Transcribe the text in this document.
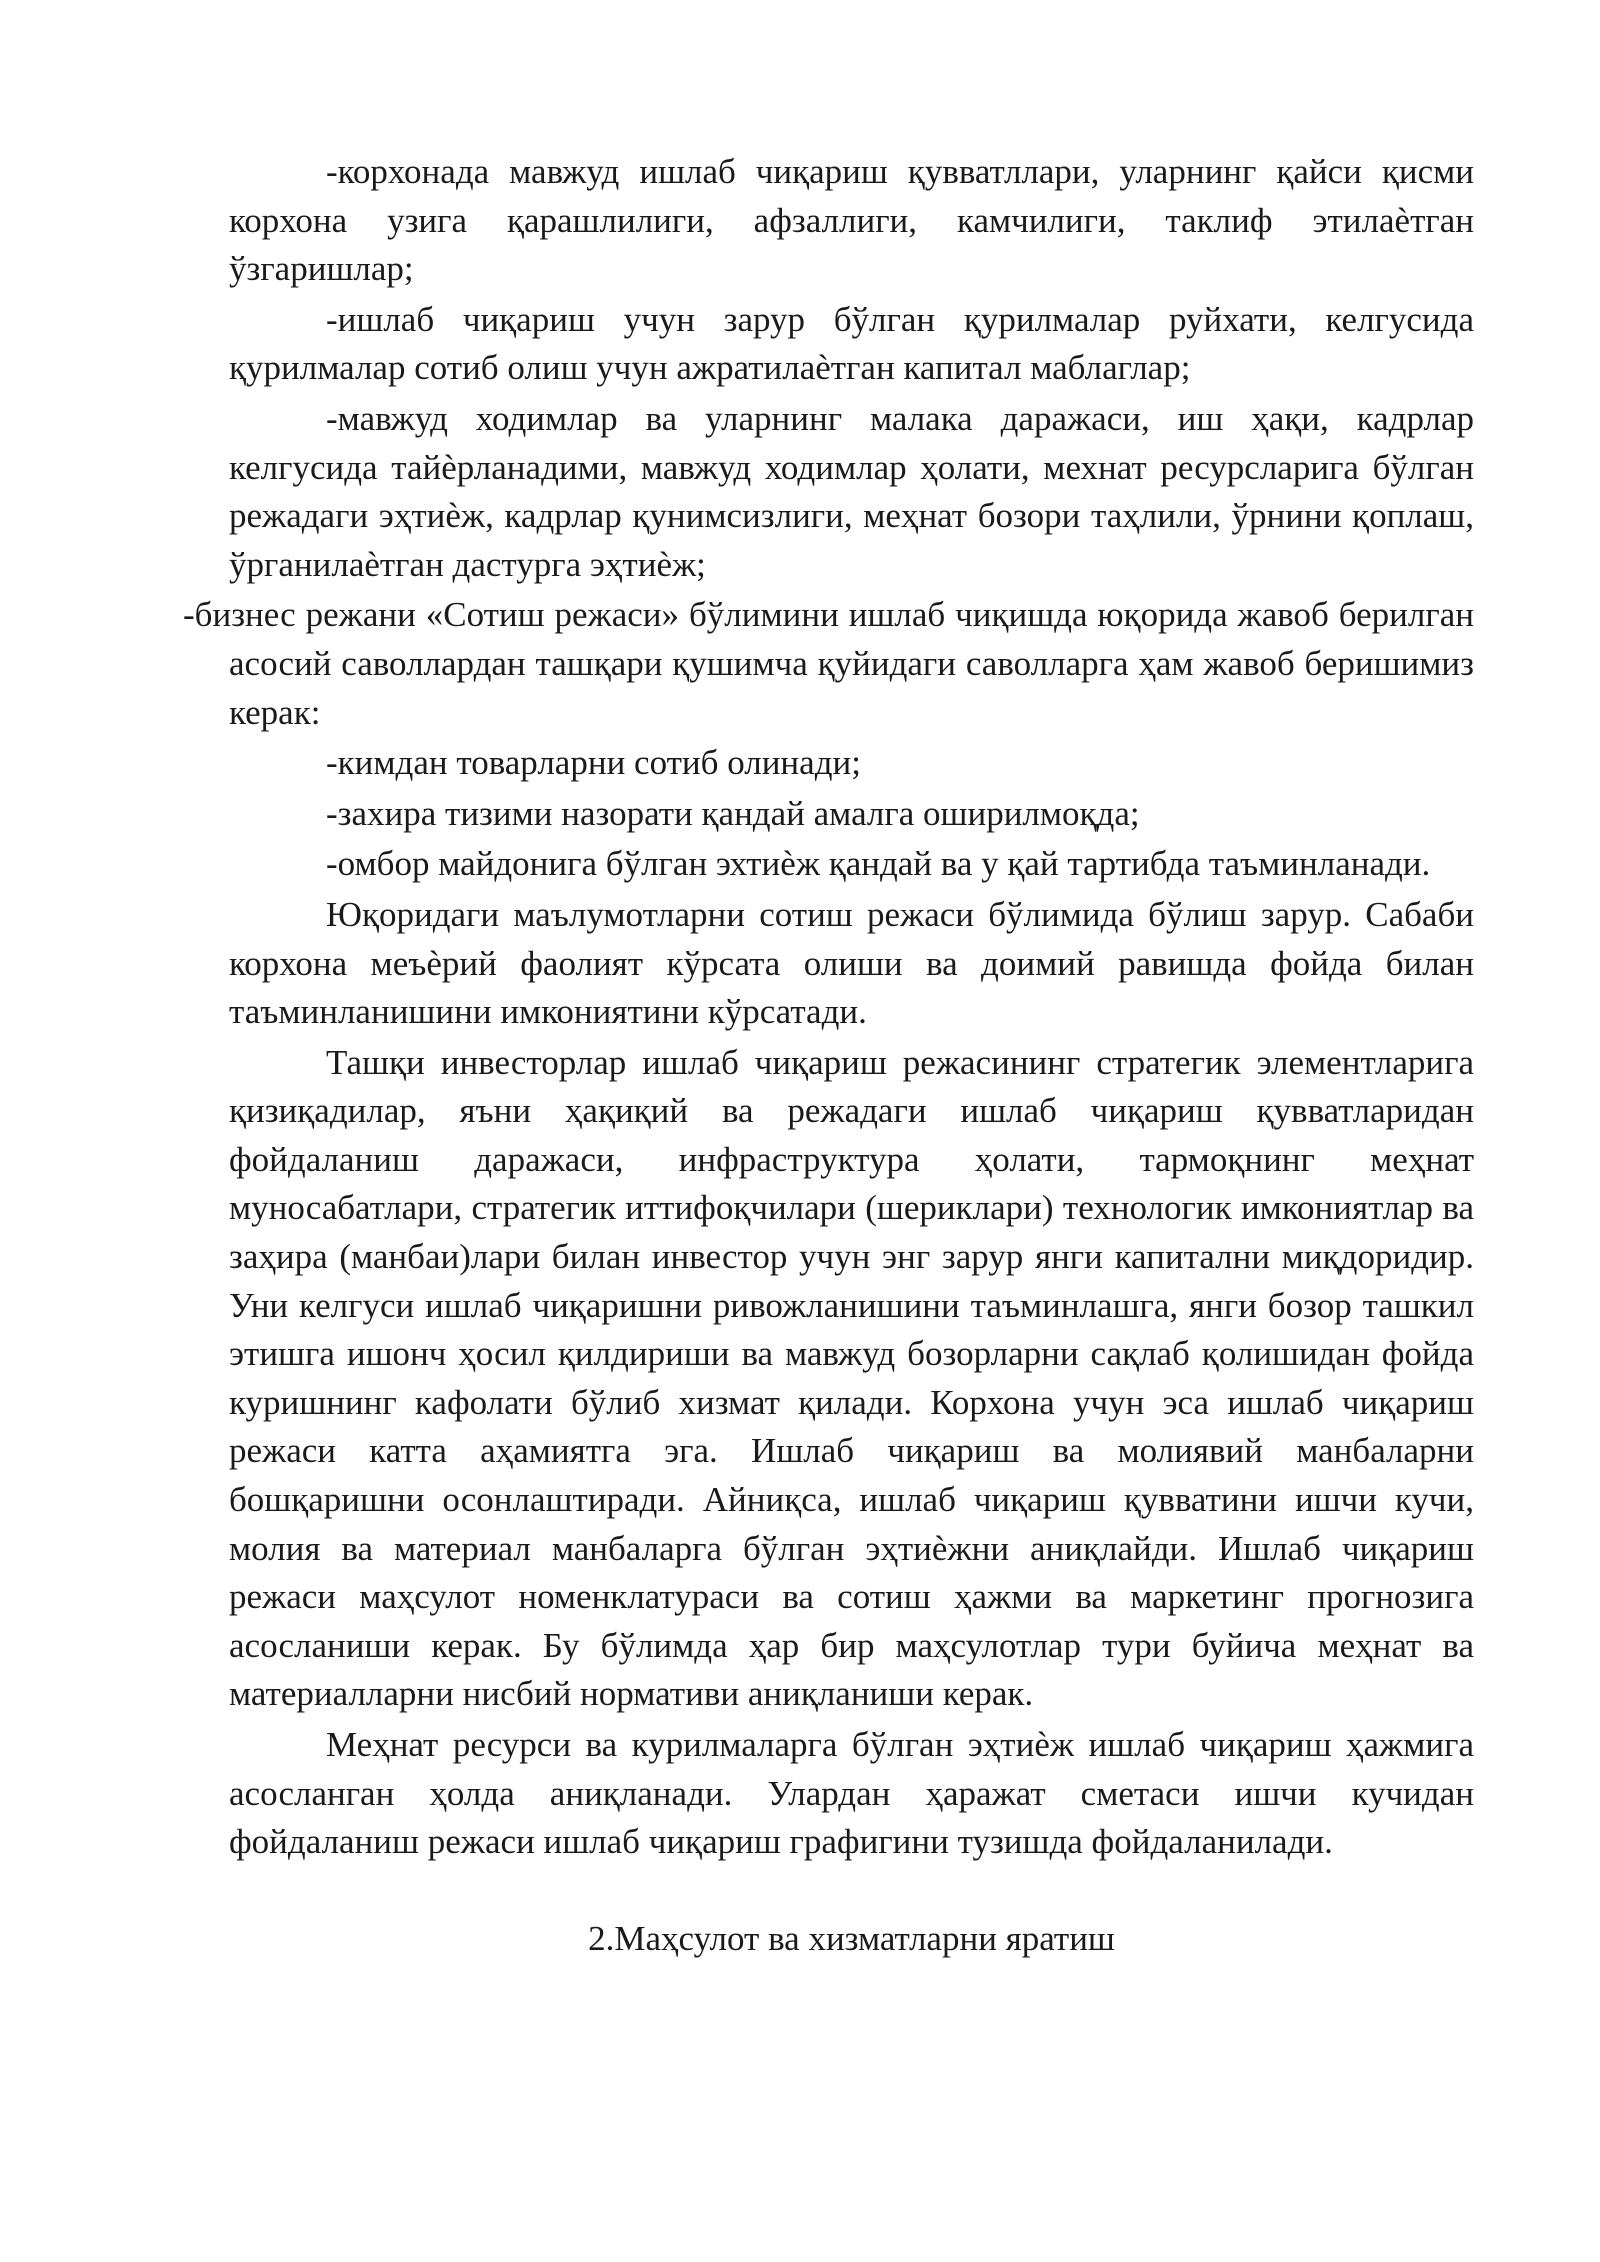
-корхонада мавжуд ишлаб чиқариш қувватллари, уларнинг қайси қисми корхона узига қарашлилиги, афзаллиги, камчилиги, таклиф этилаѐтган ўзгаришлар;

-ишлаб чиқариш учун зарур бўлган қурилмалар руйхати, келгусида қурилмалар сотиб олиш учун ажратилаѐтган капитал маблаглар;

-мавжуд ходимлар ва уларнинг малака даражаси, иш ҳақи, кадрлар келгусида тайѐрланадими, мавжуд ходимлар ҳолати, мехнат ресурсларига бўлган режадаги эҳтиѐж, кадрлар қунимсизлиги, меҳнат бозори таҳлили, ўрнини қоплаш, ўрганилаѐтган дастурга эҳтиѐж;

-бизнес режани «Сотиш режаси» бўлимини ишлаб чиқишда юқорида жавоб берилган асосий саволлардан ташқари қушимча қуйидаги саволларга ҳам жавоб беришимиз керак:

-кимдан товарларни сотиб олинади;

-захира тизими назорати қандай амалга оширилмоқда;

-омбор майдонига бўлган эхтиѐж қандай ва у қай тартибда таъминланади.

Юқоридаги маълумотларни сотиш режаси бўлимида бўлиш зарур. Сабаби корхона меъѐрий фаолият кўрсата олиши ва доимий равишда фойда билан таъминланишини имкониятини кўрсатади.

Ташқи инвесторлар ишлаб чиқариш режасининг стратегик элементларига қизиқадилар, яъни ҳақиқий ва режадаги ишлаб чиқариш қувватларидан фойдаланиш даражаси, инфраструктура ҳолати, тармоқнинг меҳнат муносабатлари, стратегик иттифоқчилари (шериклари) технологик имкониятлар ва заҳира (манбаи)лари билан инвестор учун энг зарур янги капитални миқдоридир. Уни келгуси ишлаб чиқаришни ривожланишини таъминлашга, янги бозор ташкил этишга ишонч ҳосил қилдириши ва мавжуд бозорларни сақлаб қолишидан фойда куришнинг кафолати бўлиб хизмат қилади. Корхона учун эса ишлаб чиқариш режаси катта аҳамиятга эга. Ишлаб чиқариш ва молиявий манбаларни бошқаришни осонлаштиради. Айниқса, ишлаб чиқариш қувватини ишчи кучи, молия ва материал манбаларга бўлган эҳтиѐжни аниқлайди. Ишлаб чиқариш режаси маҳсулот номенклатураси ва сотиш ҳажми ва маркетинг прогнозига асосланиши керак. Бу бўлимда ҳар бир маҳсулотлар тури буйича меҳнат ва материалларни нисбий нормативи аниқланиши керак.

Меҳнат ресурси ва курилмаларга бўлган эҳтиѐж ишлаб чиқариш ҳажмига асосланган ҳолда аниқланади. Улардан ҳаражат сметаси ишчи кучидан фойдаланиш режаси ишлаб чиқариш графигини тузишда фойдаланилади.

2.Маҳсулот ва хизматларни яратиш
